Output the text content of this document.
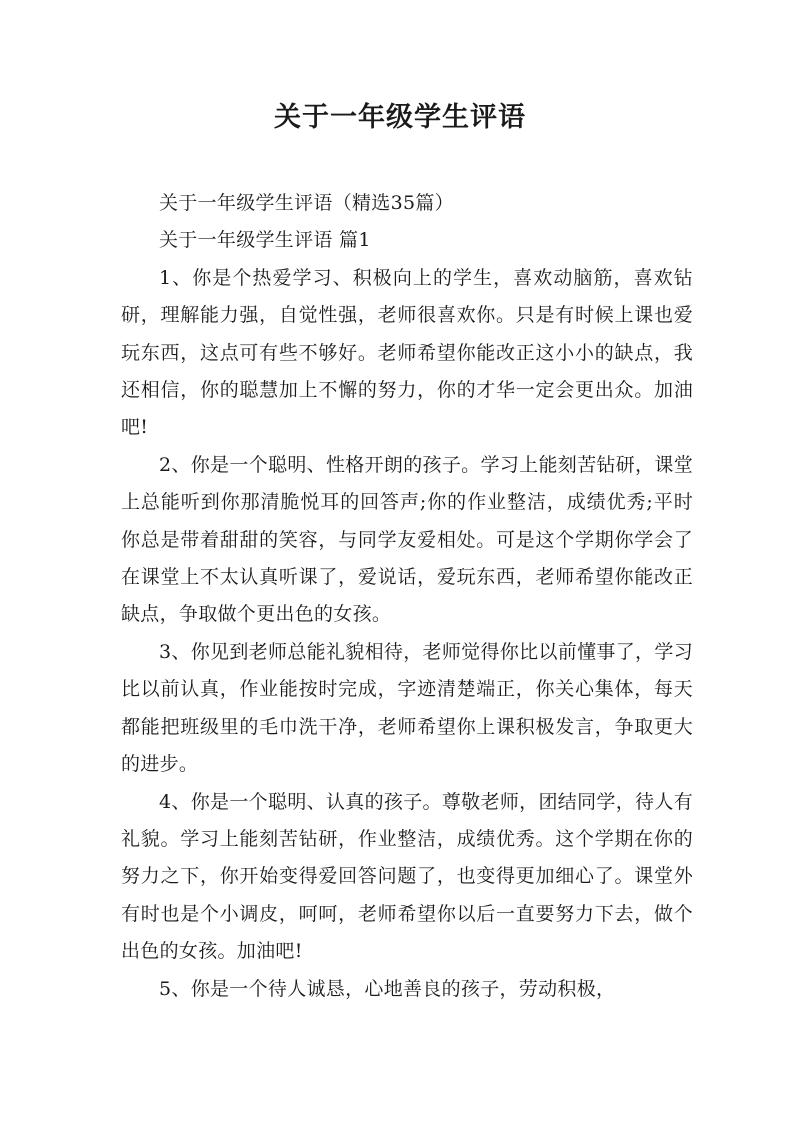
关于一年级学生评语

关于一年级学生评语（精选35篇）

关于一年级学生评语 篇1

1、你是个热爱学习、积极向上的学生，喜欢动脑筋，喜欢钻研，理解能力强，自觉性强，老师很喜欢你。只是有时候上课也爱玩东西，这点可有些不够好。老师希望你能改正这小小的缺点，我还相信，你的聪慧加上不懈的努力，你的才华一定会更出众。加油吧!

2、你是一个聪明、性格开朗的孩子。学习上能刻苦钻研，课堂上总能听到你那清脆悦耳的回答声;你的作业整洁，成绩优秀;平时你总是带着甜甜的笑容，与同学友爱相处。可是这个学期你学会了在课堂上不太认真听课了，爱说话，爱玩东西，老师希望你能改正缺点，争取做个更出色的女孩。

3、你见到老师总能礼貌相待，老师觉得你比以前懂事了，学习比以前认真，作业能按时完成，字迹清楚端正，你关心集体，每天都能把班级里的毛巾洗干净，老师希望你上课积极发言，争取更大的进步。

4、你是一个聪明、认真的孩子。尊敬老师，团结同学，待人有礼貌。学习上能刻苦钻研，作业整洁，成绩优秀。这个学期在你的努力之下，你开始变得爱回答问题了，也变得更加细心了。课堂外有时也是个小调皮，呵呵，老师希望你以后一直要努力下去，做个出色的女孩。加油吧!

5、你是一个待人诚恳，心地善良的孩子，劳动积极，
